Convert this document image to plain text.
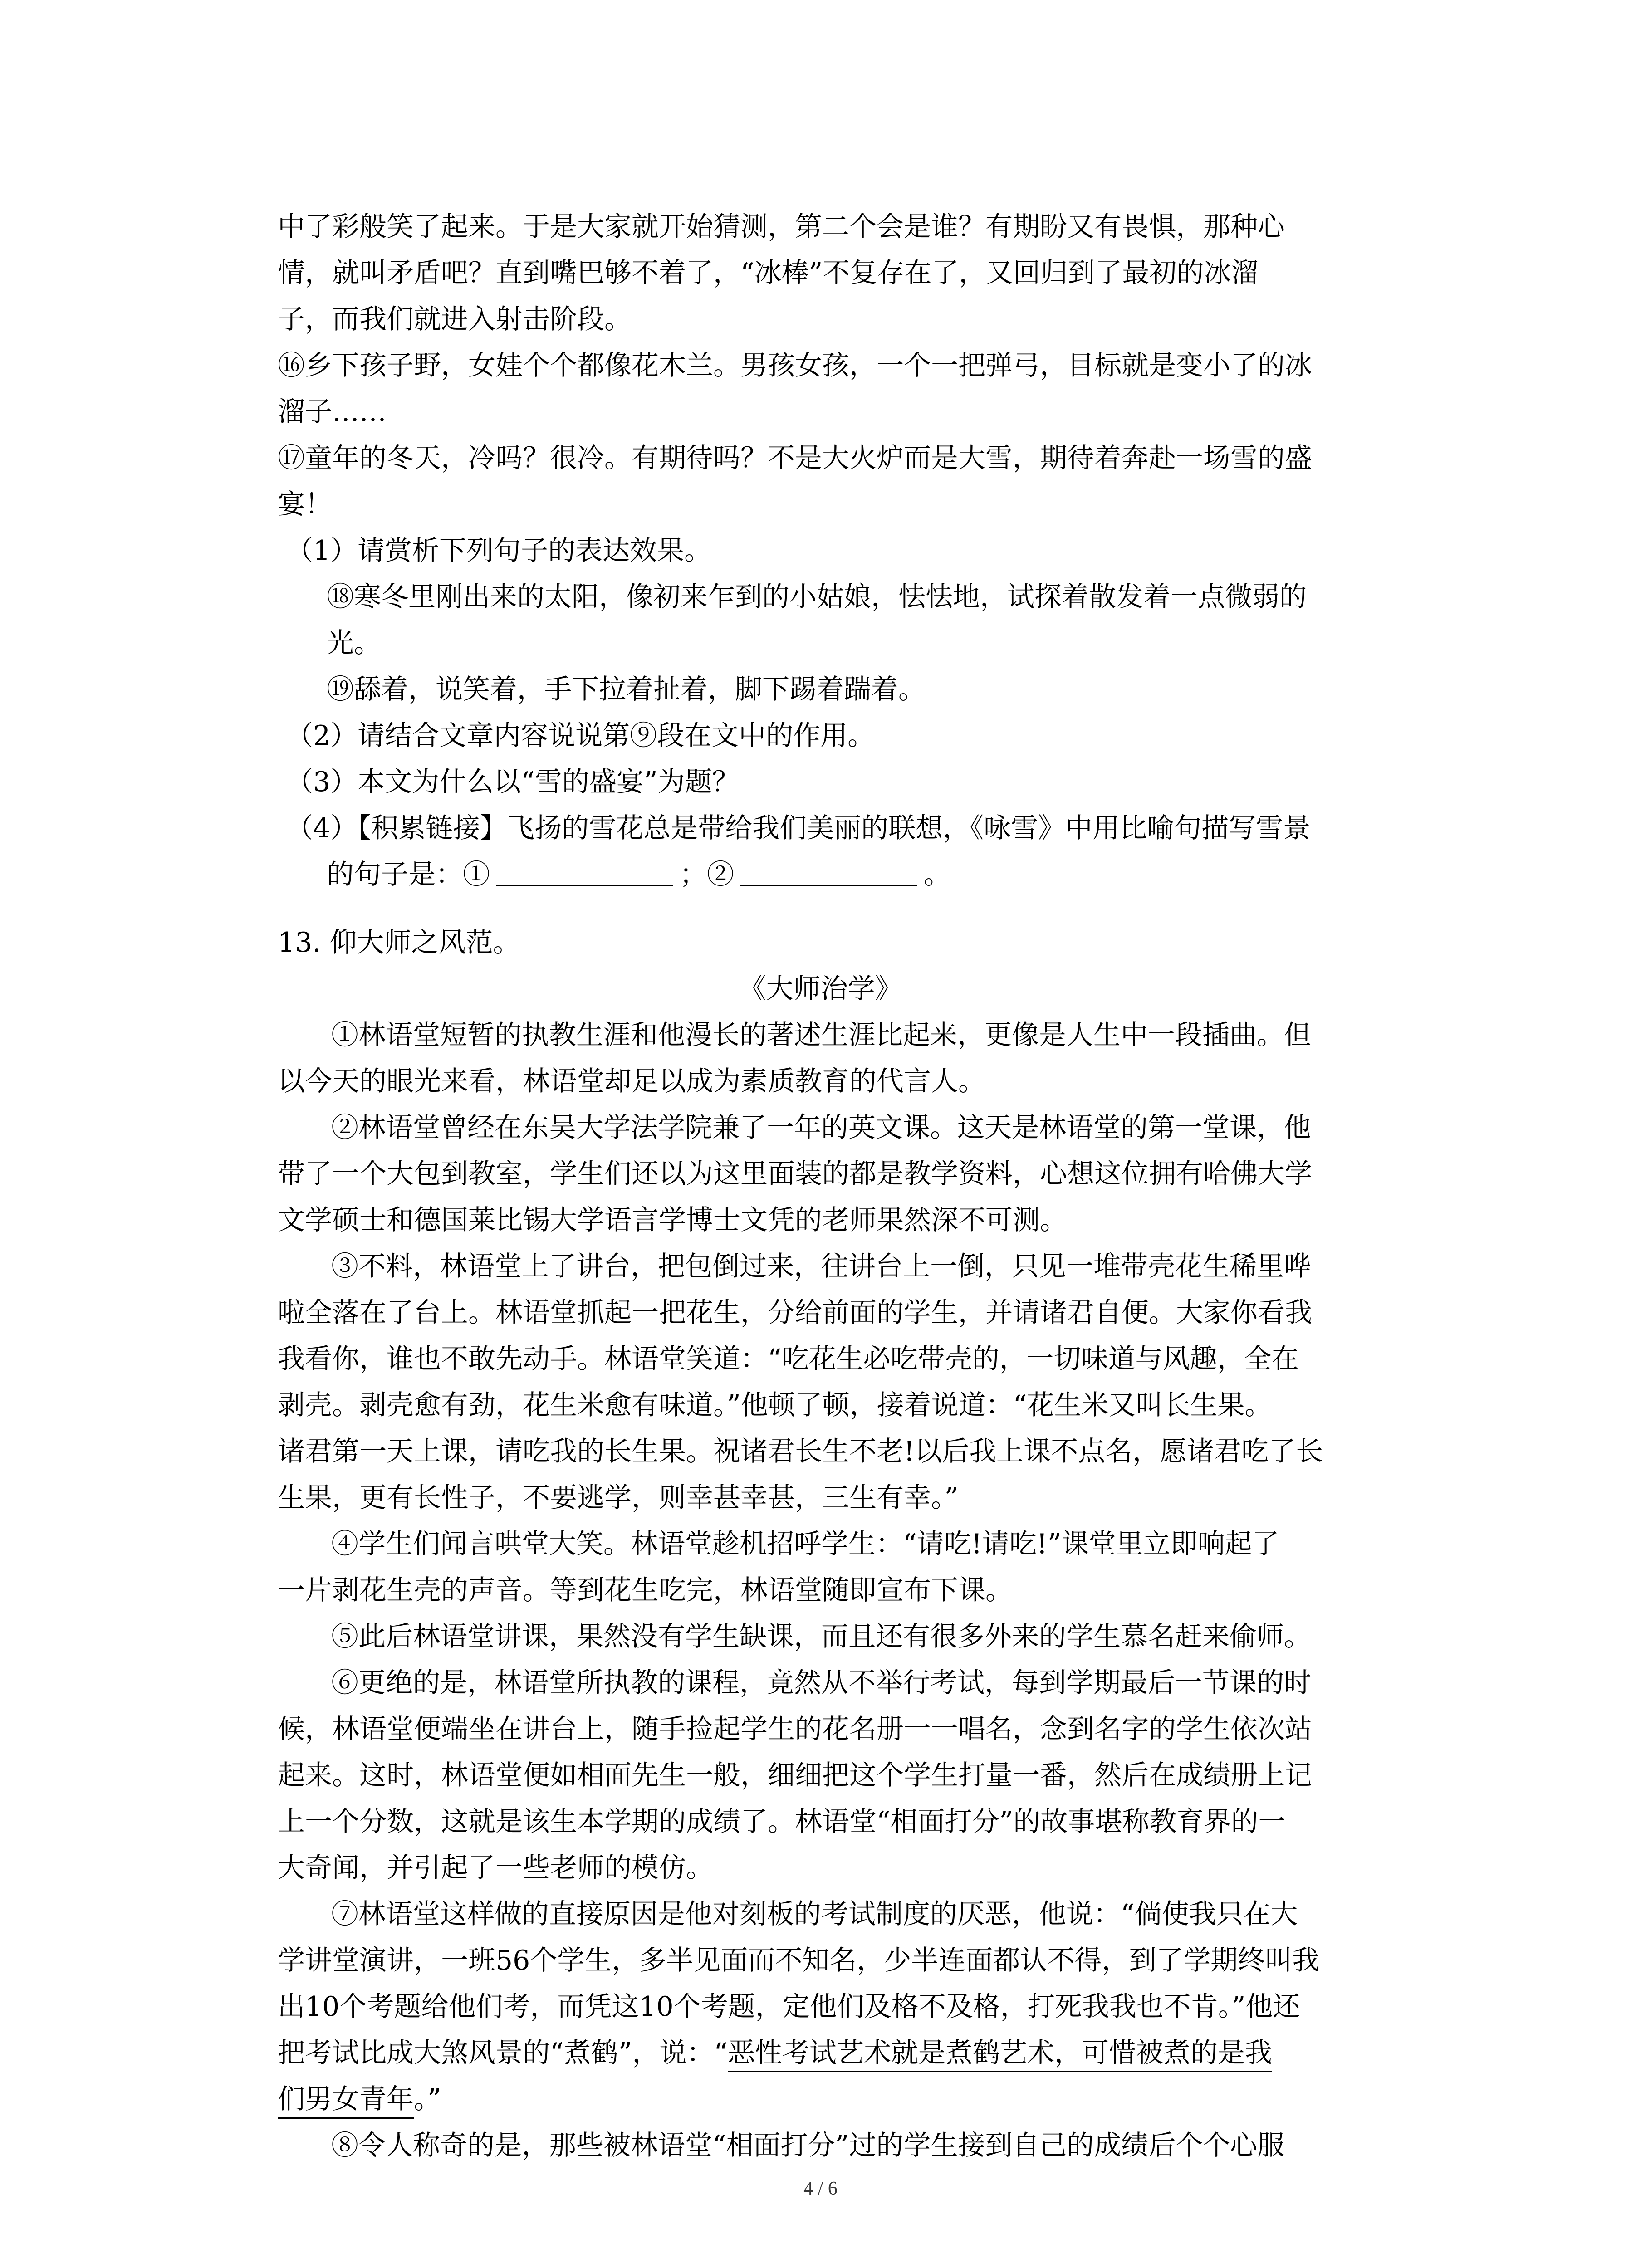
中了彩般笑了起来。于是大家就开始猜测，第二个会是谁？有期盼又有畏惧，那种心
情，就叫矛盾吧？直到嘴巴够不着了，“冰棒”不复存在了，又回归到了最初的冰溜
子，而我们就进入射击阶段。
⑯乡下孩子野，女娃个个都像花木兰。男孩女孩，一个一把弹弓，目标就是变小了的冰
溜子……
⑰童年的冬天，冷吗？很冷。有期待吗？不是大火炉而是大雪，期待着奔赴一场雪的盛
宴！
（1）请赏析下列句子的表达效果。
⑱寒冬里刚出来的太阳，像初来乍到的小姑娘，怯怯地，试探着散发着一点微弱的
光。
⑲舔着，说笑着，手下拉着扯着，脚下踢着踹着。
（2）请结合文章内容说说第⑨段在文中的作用。
（3）本文为什么以“雪的盛宴”为题？
（4）【积累链接】飞扬的雪花总是带给我们美丽的联想，《咏雪》中用比喻句描写雪景
的句子是：①	；②	。
13. 仰大师之风范。
《大师治学》
①林语堂短暂的执教生涯和他漫长的著述生涯比起来，更像是人生中一段插曲。但
以今天的眼光来看，林语堂却足以成为素质教育的代言人。
②林语堂曾经在东吴大学法学院兼了一年的英文课。这天是林语堂的第一堂课，他
带了一个大包到教室，学生们还以为这里面装的都是教学资料，心想这位拥有哈佛大学
文学硕士和德国莱比锡大学语言学博士文凭的老师果然深不可测。
③不料，林语堂上了讲台，把包倒过来，往讲台上一倒，只见一堆带壳花生稀里哗
啦全落在了台上。林语堂抓起一把花生，分给前面的学生，并请诸君自便。大家你看我
我看你，谁也不敢先动手。林语堂笑道：“吃花生必吃带壳的，一切味道与风趣，全在
剥壳。剥壳愈有劲，花生米愈有味道。”他顿了顿，接着说道：“花生米又叫长生果。
诸君第一天上课，请吃我的长生果。祝诸君长生不老!以后我上课不点名，愿诸君吃了长
生果，更有长性子，不要逃学，则幸甚幸甚，三生有幸。”
④学生们闻言哄堂大笑。林语堂趁机招呼学生：“请吃!请吃!”课堂里立即响起了
一片剥花生壳的声音。等到花生吃完，林语堂随即宣布下课。
⑤此后林语堂讲课，果然没有学生缺课，而且还有很多外来的学生慕名赶来偷师。
⑥更绝的是，林语堂所执教的课程，竟然从不举行考试，每到学期最后一节课的时
候，林语堂便端坐在讲台上，随手捡起学生的花名册一一唱名，念到名字的学生依次站
起来。这时，林语堂便如相面先生一般，细细把这个学生打量一番，然后在成绩册上记
上一个分数，这就是该生本学期的成绩了。林语堂“相面打分”的故事堪称教育界的一
大奇闻，并引起了一些老师的模仿。
⑦林语堂这样做的直接原因是他对刻板的考试制度的厌恶，他说：“倘使我只在大
学讲堂演讲，一班56个学生，多半见面而不知名，少半连面都认不得，到了学期终叫我
出10个考题给他们考，而凭这10个考题，定他们及格不及格，打死我我也不肯。”他还
把考试比成大煞风景的“煮鹤”，说：“恶性考试艺术就是煮鹤艺术，可惜被煮的是我
们男女青年。”
⑧令人称奇的是，那些被林语堂“相面打分”过的学生接到自己的成绩后个个心服
4 / 6
